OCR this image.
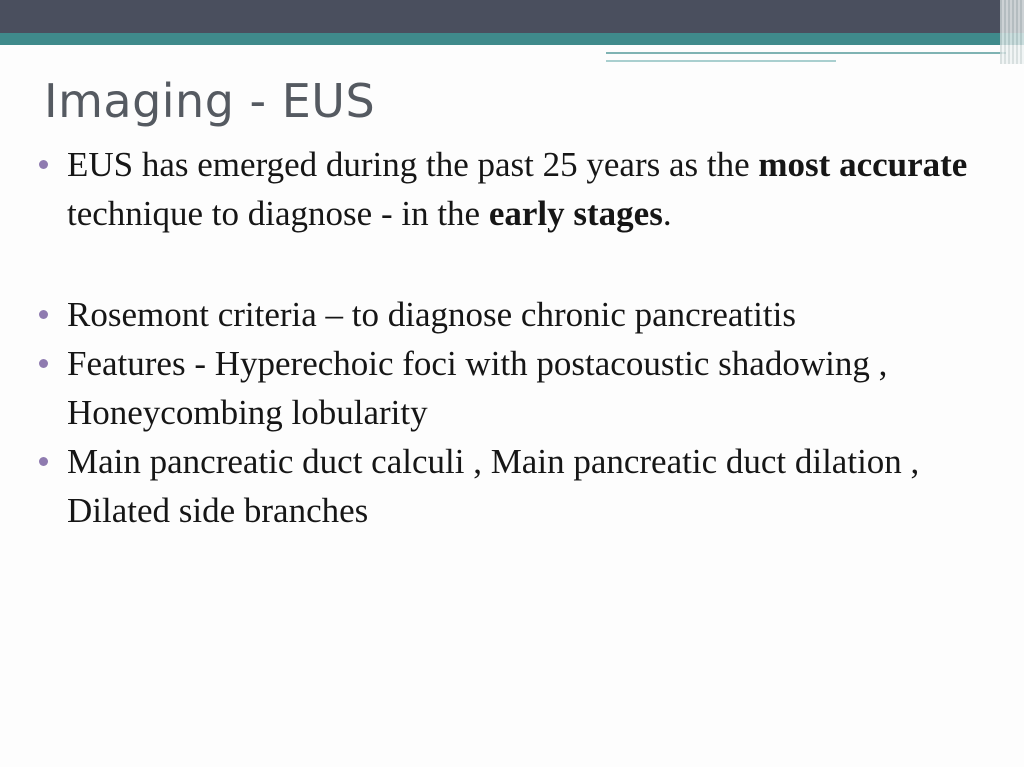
Imaging - EUS
EUS has emerged during the past 25 years as the most accurate technique to diagnose - in the early stages.
Rosemont criteria – to diagnose chronic pancreatitis
Features - Hyperechoic foci with postacoustic shadowing , Honeycombing lobularity
Main pancreatic duct calculi , Main pancreatic duct dilation , Dilated side branches
